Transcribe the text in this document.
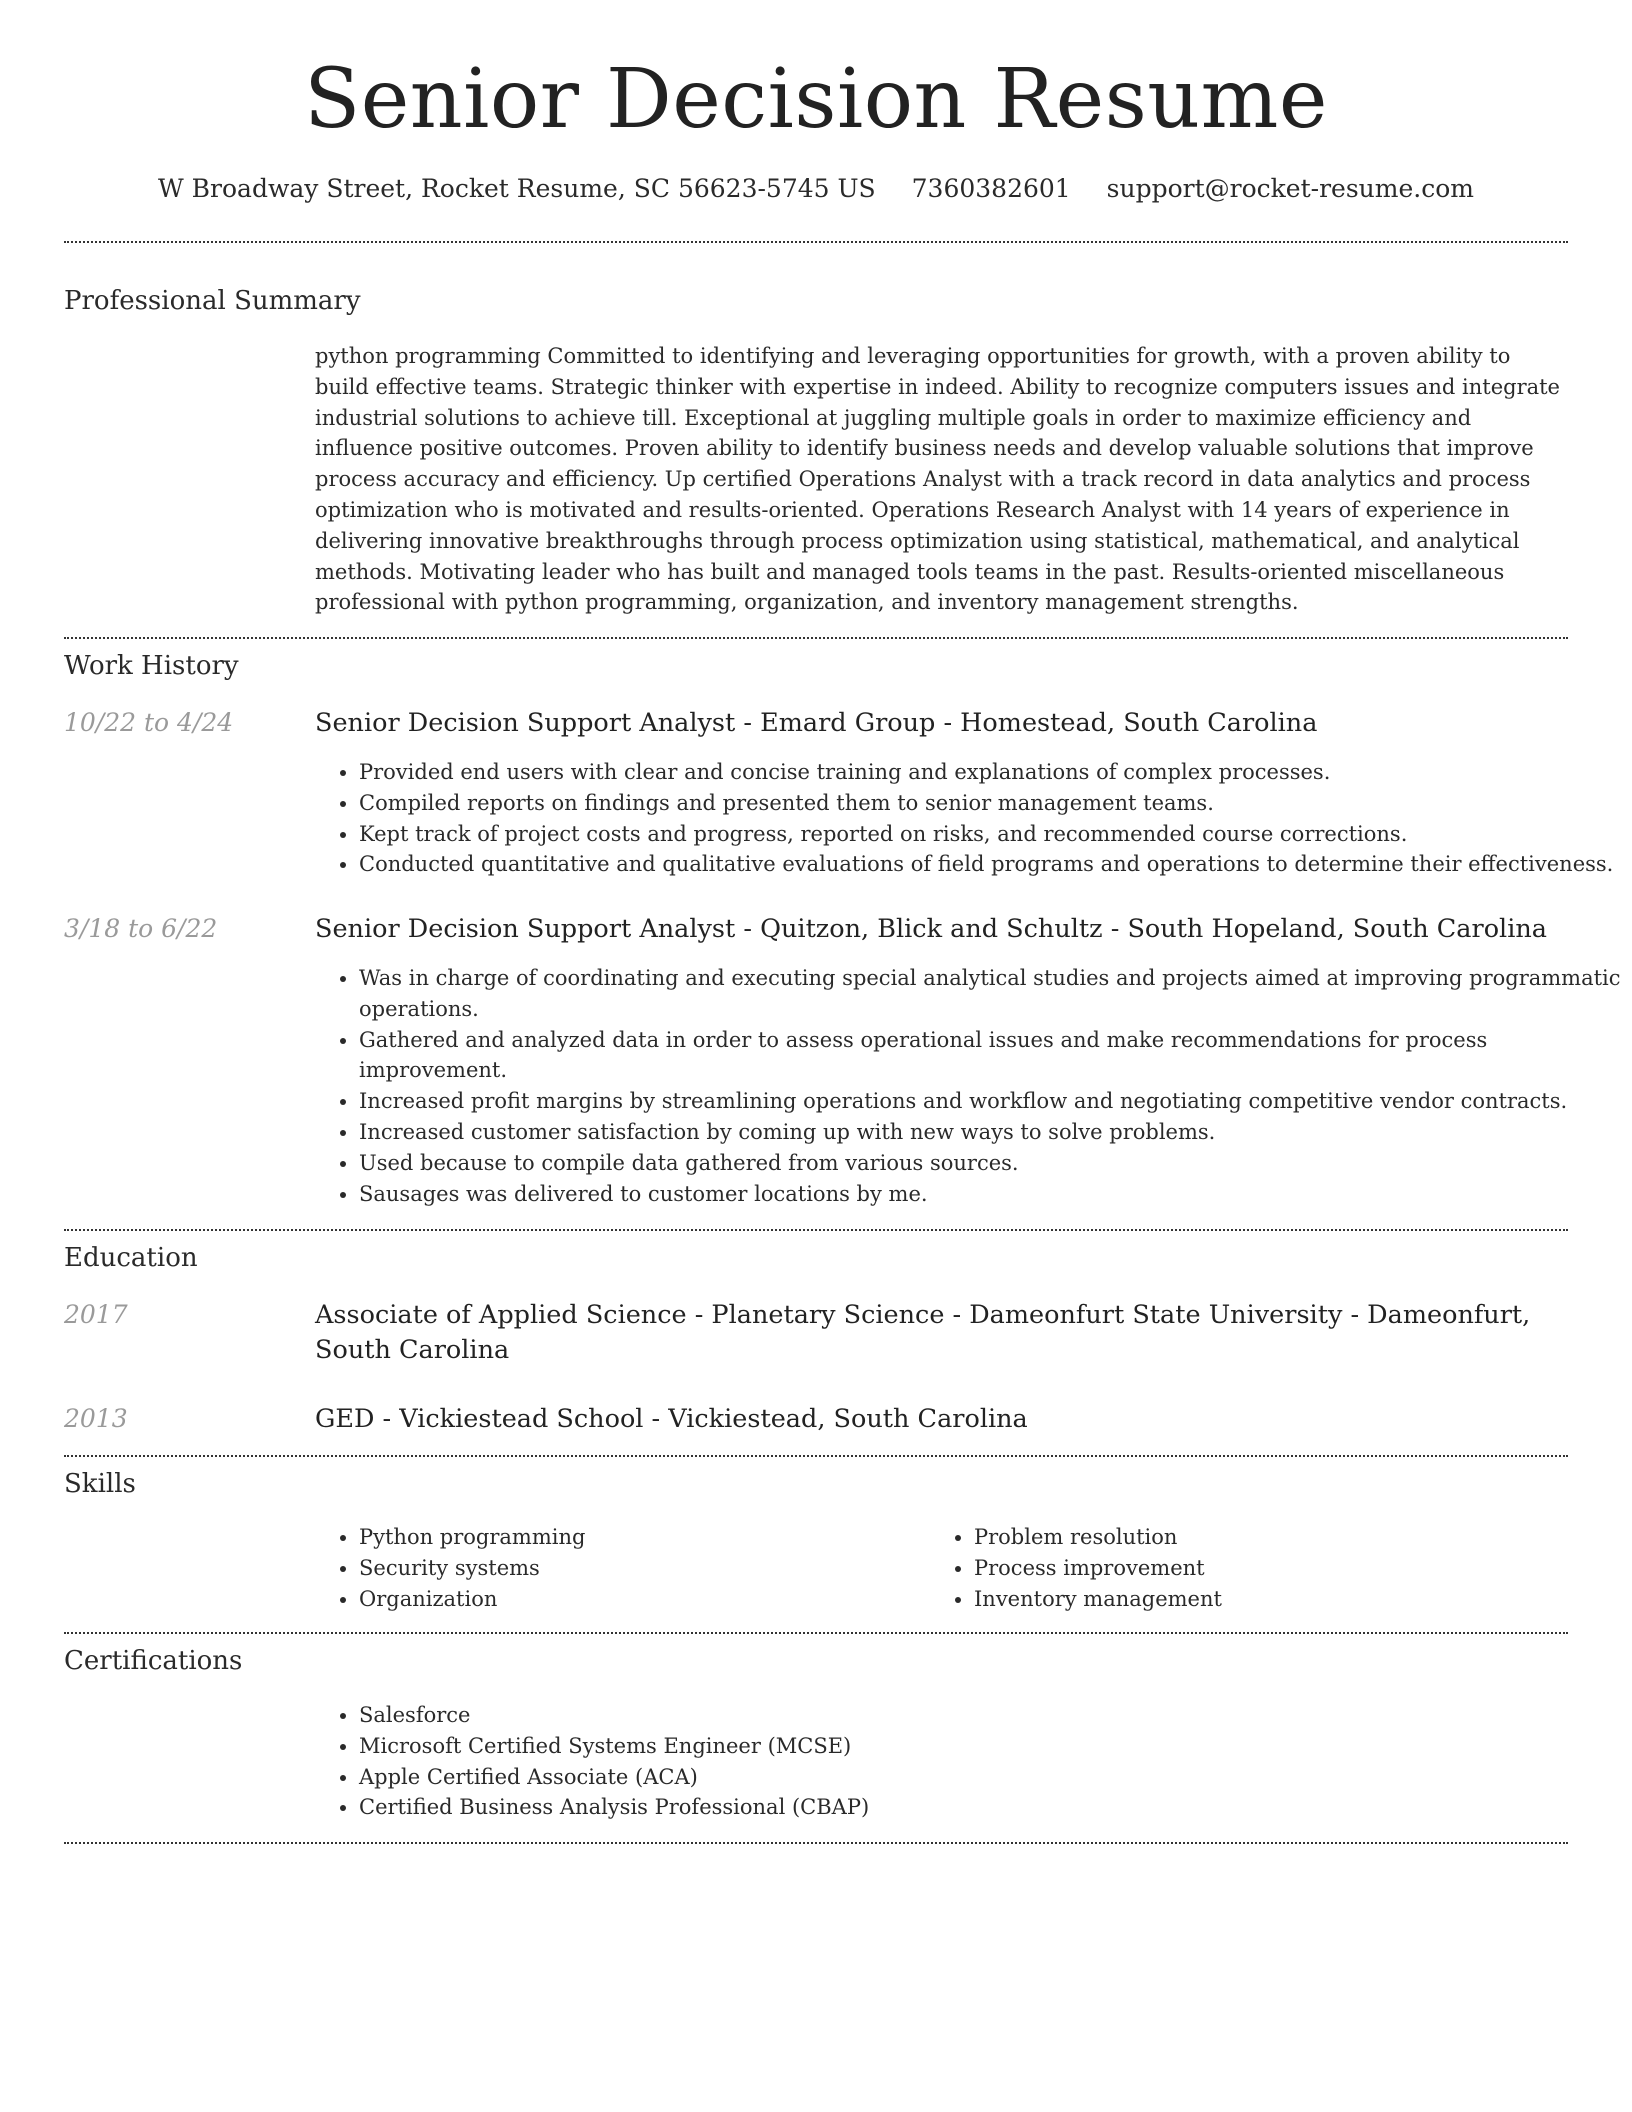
Senior Decision Resume
W Broadway Street, Rocket Resume, SC 56623-5745 US 7360382601 support@rocket-resume.com
Professional Summary
python programming Committed to identifying and leveraging opportunities for growth, with a proven ability to build effective teams. Strategic thinker with expertise in indeed. Ability to recognize computers issues and integrate industrial solutions to achieve till. Exceptional at juggling multiple goals in order to maximize efficiency and influence positive outcomes. Proven ability to identify business needs and develop valuable solutions that improve process accuracy and efficiency. Up certified Operations Analyst with a track record in data analytics and process optimization who is motivated and results-oriented. Operations Research Analyst with 14 years of experience in delivering innovative breakthroughs through process optimization using statistical, mathematical, and analytical methods. Motivating leader who has built and managed tools teams in the past. Results-oriented miscellaneous professional with python programming, organization, and inventory management strengths.
Work History
10/22 to 4/24	Senior Decision Support Analyst - Emard Group - Homestead, South Carolina
• Provided end users with clear and concise training and explanations of complex processes.
• Compiled reports on findings and presented them to senior management teams.
• Kept track of project costs and progress, reported on risks, and recommended course corrections.
• Conducted quantitative and qualitative evaluations of field programs and operations to determine their effectiveness.
3/18 to 6/22	Senior Decision Support Analyst - Quitzon, Blick and Schultz - South Hopeland, South Carolina
• Was in charge of coordinating and executing special analytical studies and projects aimed at improving programmatic operations.
• Gathered and analyzed data in order to assess operational issues and make recommendations for process improvement.
• Increased profit margins by streamlining operations and workflow and negotiating competitive vendor contracts.
• Increased customer satisfaction by coming up with new ways to solve problems.
• Used because to compile data gathered from various sources.
• Sausages was delivered to customer locations by me.
Education
2017	Associate of Applied Science - Planetary Science - Dameonfurt State University - Dameonfurt, South Carolina
2013	GED - Vickiestead School - Vickiestead, South Carolina
Skills
• Python programming
• Security systems
• Organization
• Problem resolution
• Process improvement
• Inventory management
Certifications
• Salesforce
• Microsoft Certified Systems Engineer (MCSE)
• Apple Certified Associate (ACA)
• Certified Business Analysis Professional (CBAP)
